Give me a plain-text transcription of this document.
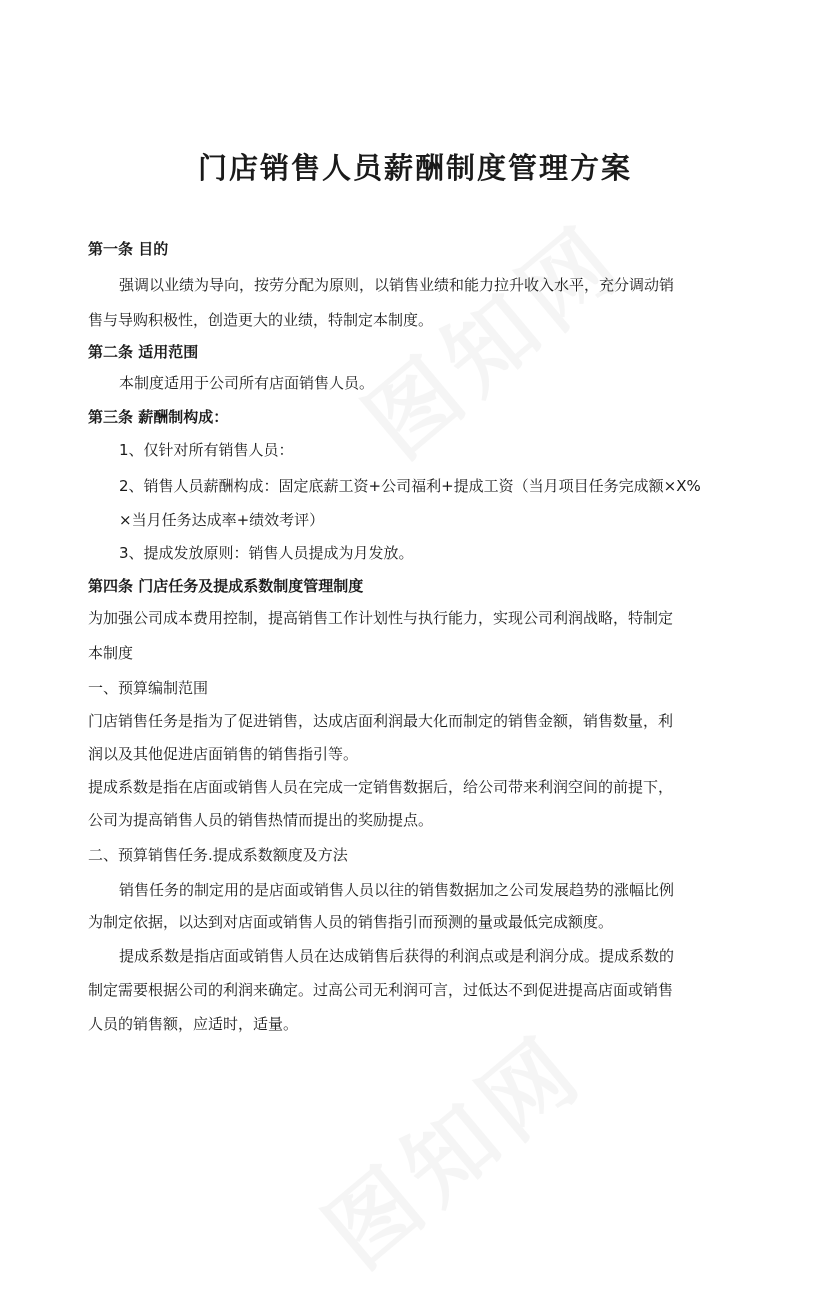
门店销售人员薪酬制度管理方案
第一条 目的
强调以业绩为导向，按劳分配为原则，以销售业绩和能力拉升收入水平，充分调动销
售与导购积极性，创造更大的业绩，特制定本制度。
第二条 适用范围
本制度适用于公司所有店面销售人员。
第三条 薪酬制构成：
1、仅针对所有销售人员：
2、销售人员薪酬构成：固定底薪工资+公司福利+提成工资（当月项目任务完成额×X%
×当月任务达成率+绩效考评）
3、提成发放原则：销售人员提成为月发放。
第四条 门店任务及提成系数制度管理制度
为加强公司成本费用控制，提高销售工作计划性与执行能力，实现公司利润战略，特制定
本制度
一、预算编制范围
门店销售任务是指为了促进销售，达成店面利润最大化而制定的销售金额，销售数量，利
润以及其他促进店面销售的销售指引等。
提成系数是指在店面或销售人员在完成一定销售数据后，给公司带来利润空间的前提下，
公司为提高销售人员的销售热情而提出的奖励提点。
二、预算销售任务.提成系数额度及方法
销售任务的制定用的是店面或销售人员以往的销售数据加之公司发展趋势的涨幅比例
为制定依据，以达到对店面或销售人员的销售指引而预测的量或最低完成额度。
提成系数是指店面或销售人员在达成销售后获得的利润点或是利润分成。提成系数的
制定需要根据公司的利润来确定。过高公司无利润可言，过低达不到促进提高店面或销售
人员的销售额，应适时，适量。
